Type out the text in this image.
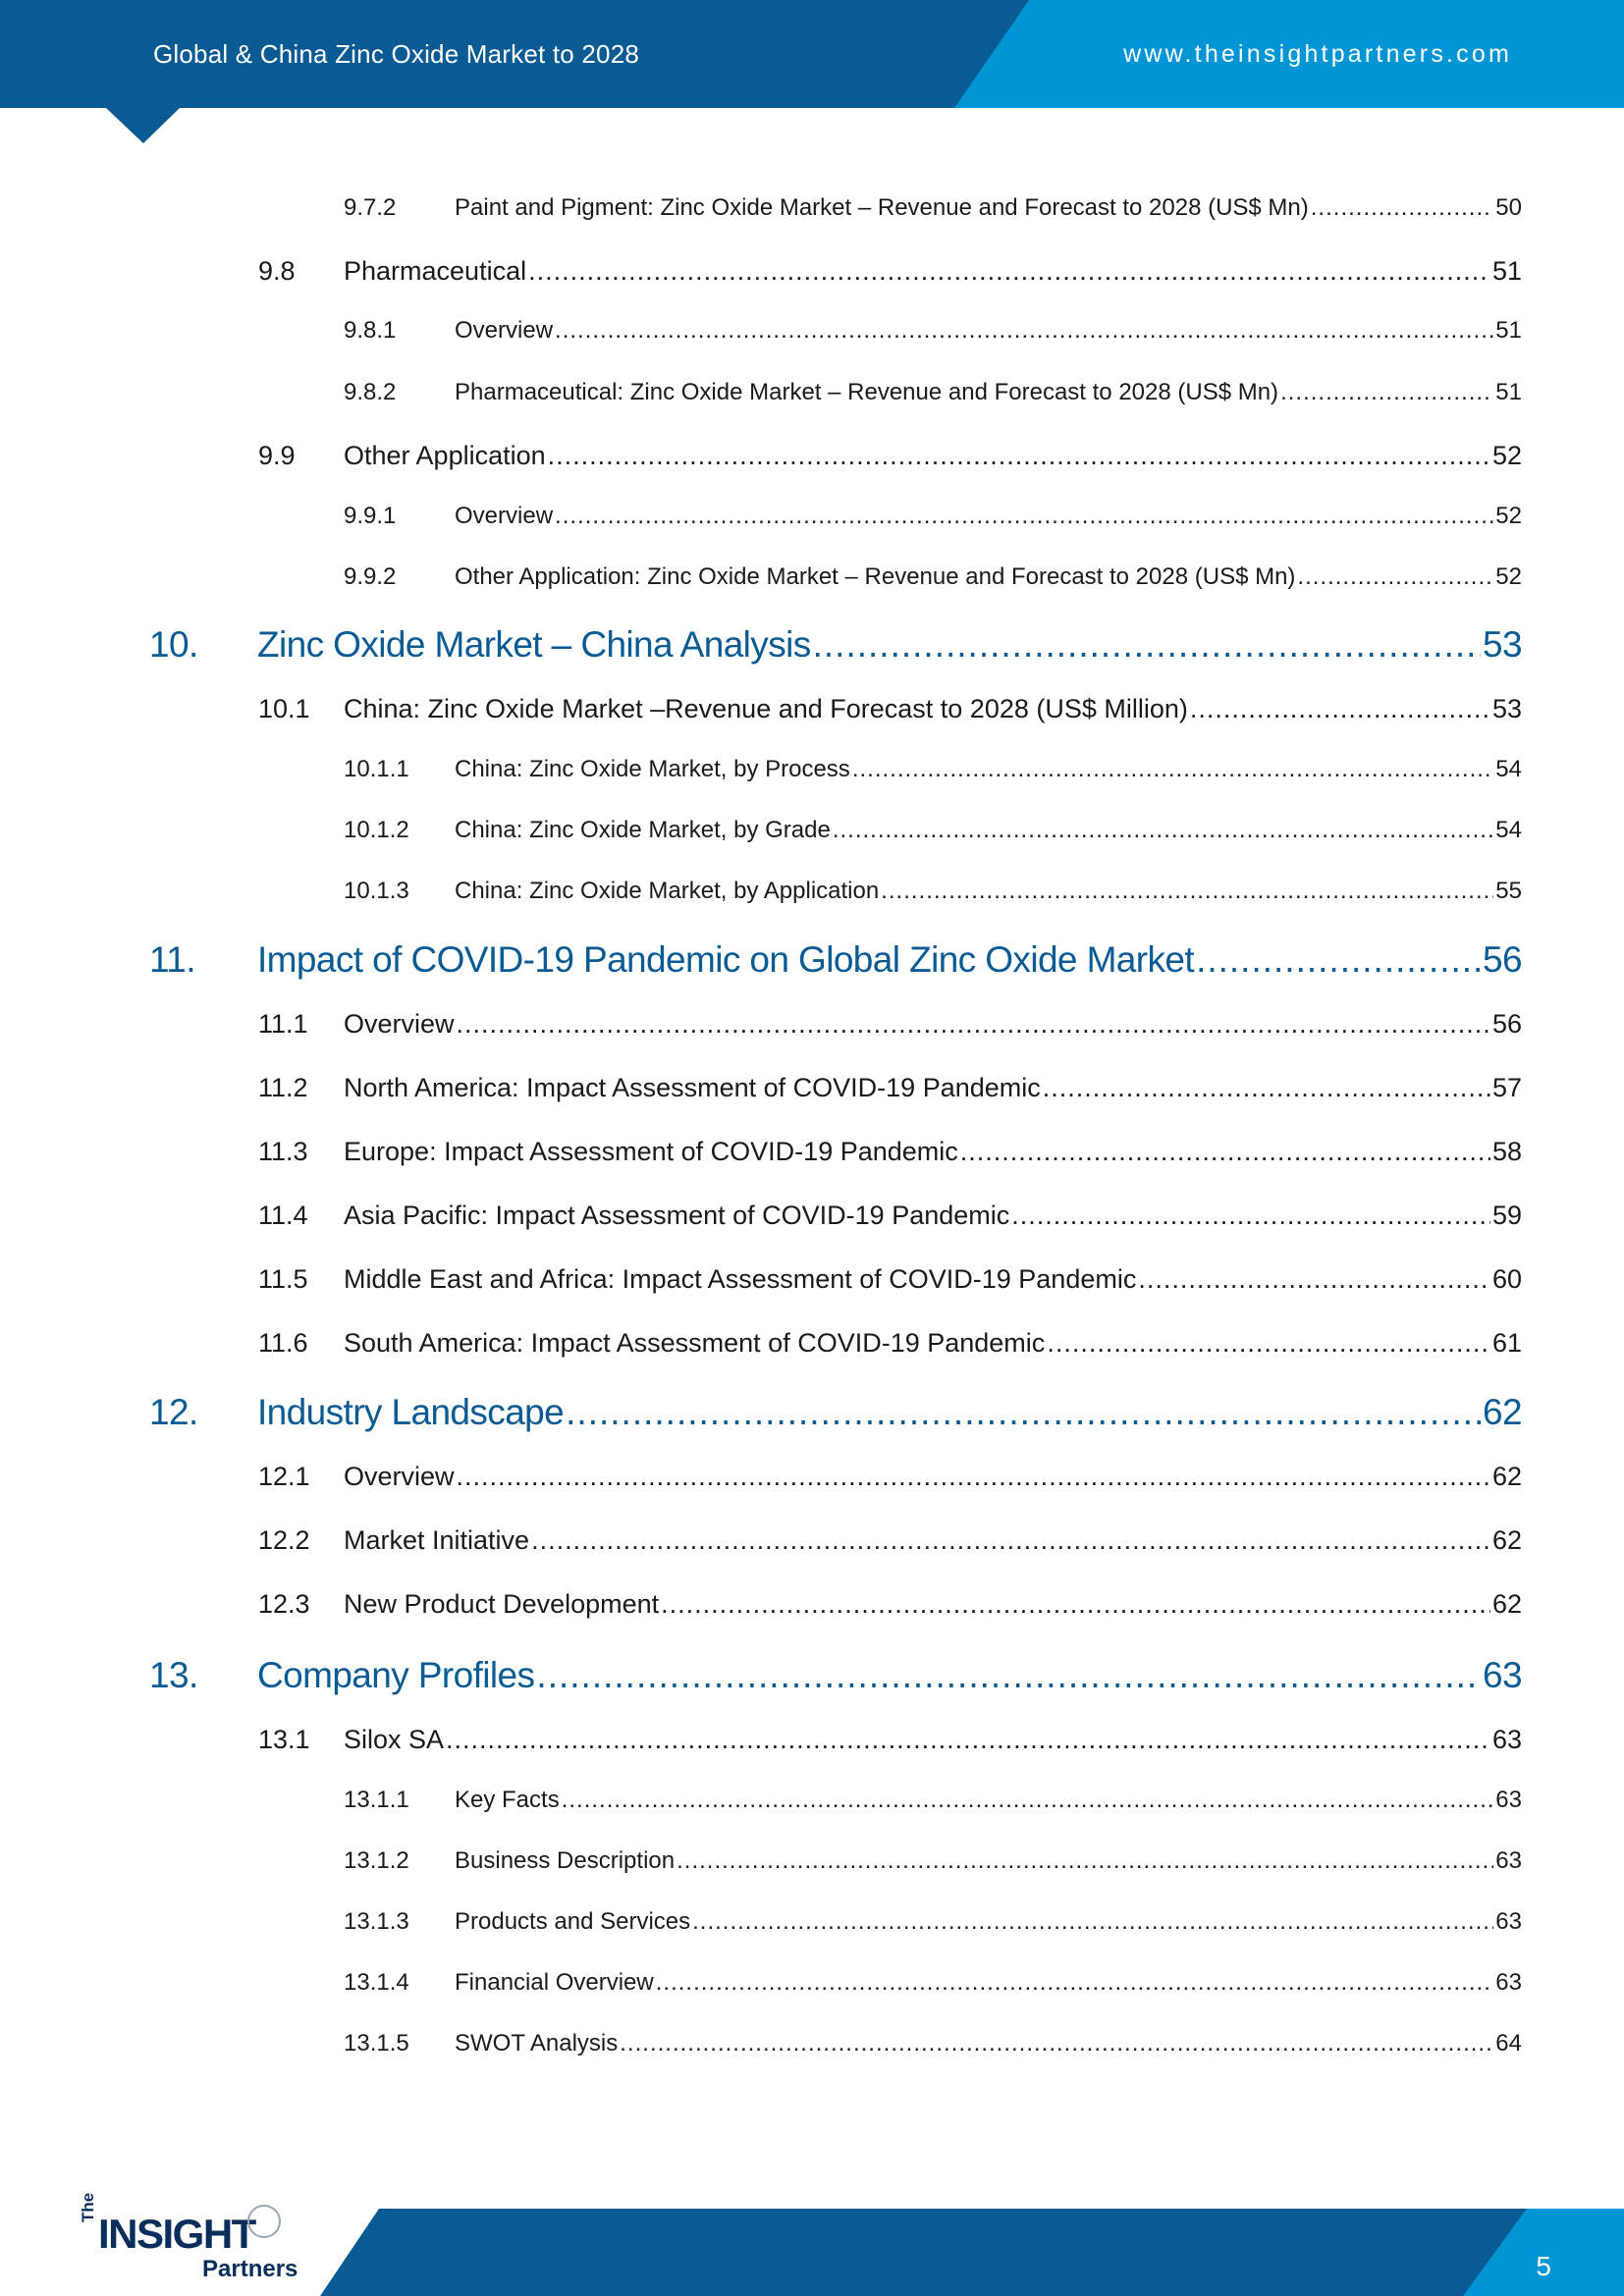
Global & China Zinc Oxide Market to 2028	www.theinsightpartners.com
9.7.2	Paint and Pigment: Zinc Oxide Market – Revenue and Forecast to 2028 (US$ Mn) .....	50
9.8	Pharmaceutical .....	51
9.8.1	Overview .....	51
9.8.2	Pharmaceutical: Zinc Oxide Market – Revenue and Forecast to 2028 (US$ Mn) .....	51
9.9	Other Application .....	52
9.9.1	Overview .....	52
9.9.2	Other Application: Zinc Oxide Market – Revenue and Forecast to 2028 (US$ Mn) .....	52
10.	Zinc Oxide Market – China Analysis .....	53
10.1	China: Zinc Oxide Market –Revenue and Forecast to 2028 (US$ Million) .....	53
10.1.1	China: Zinc Oxide Market, by Process .....	54
10.1.2	China: Zinc Oxide Market, by Grade .....	54
10.1.3	China: Zinc Oxide Market, by Application .....	55
11.	Impact of COVID-19 Pandemic on Global Zinc Oxide Market .....	56
11.1	Overview .....	56
11.2	North America: Impact Assessment of COVID-19 Pandemic .....	57
11.3	Europe: Impact Assessment of COVID-19 Pandemic .....	58
11.4	Asia Pacific: Impact Assessment of COVID-19 Pandemic .....	59
11.5	Middle East and Africa: Impact Assessment of COVID-19 Pandemic .....	60
11.6	South America: Impact Assessment of COVID-19 Pandemic .....	61
12.	Industry Landscape .....	62
12.1	Overview .....	62
12.2	Market Initiative .....	62
12.3	New Product Development .....	62
13.	Company Profiles .....	63
13.1	Silox SA .....	63
13.1.1	Key Facts .....	63
13.1.2	Business Description .....	63
13.1.3	Products and Services .....	63
13.1.4	Financial Overview .....	63
13.1.5	SWOT Analysis .....	64
The
INSIGHT
Partners	5
